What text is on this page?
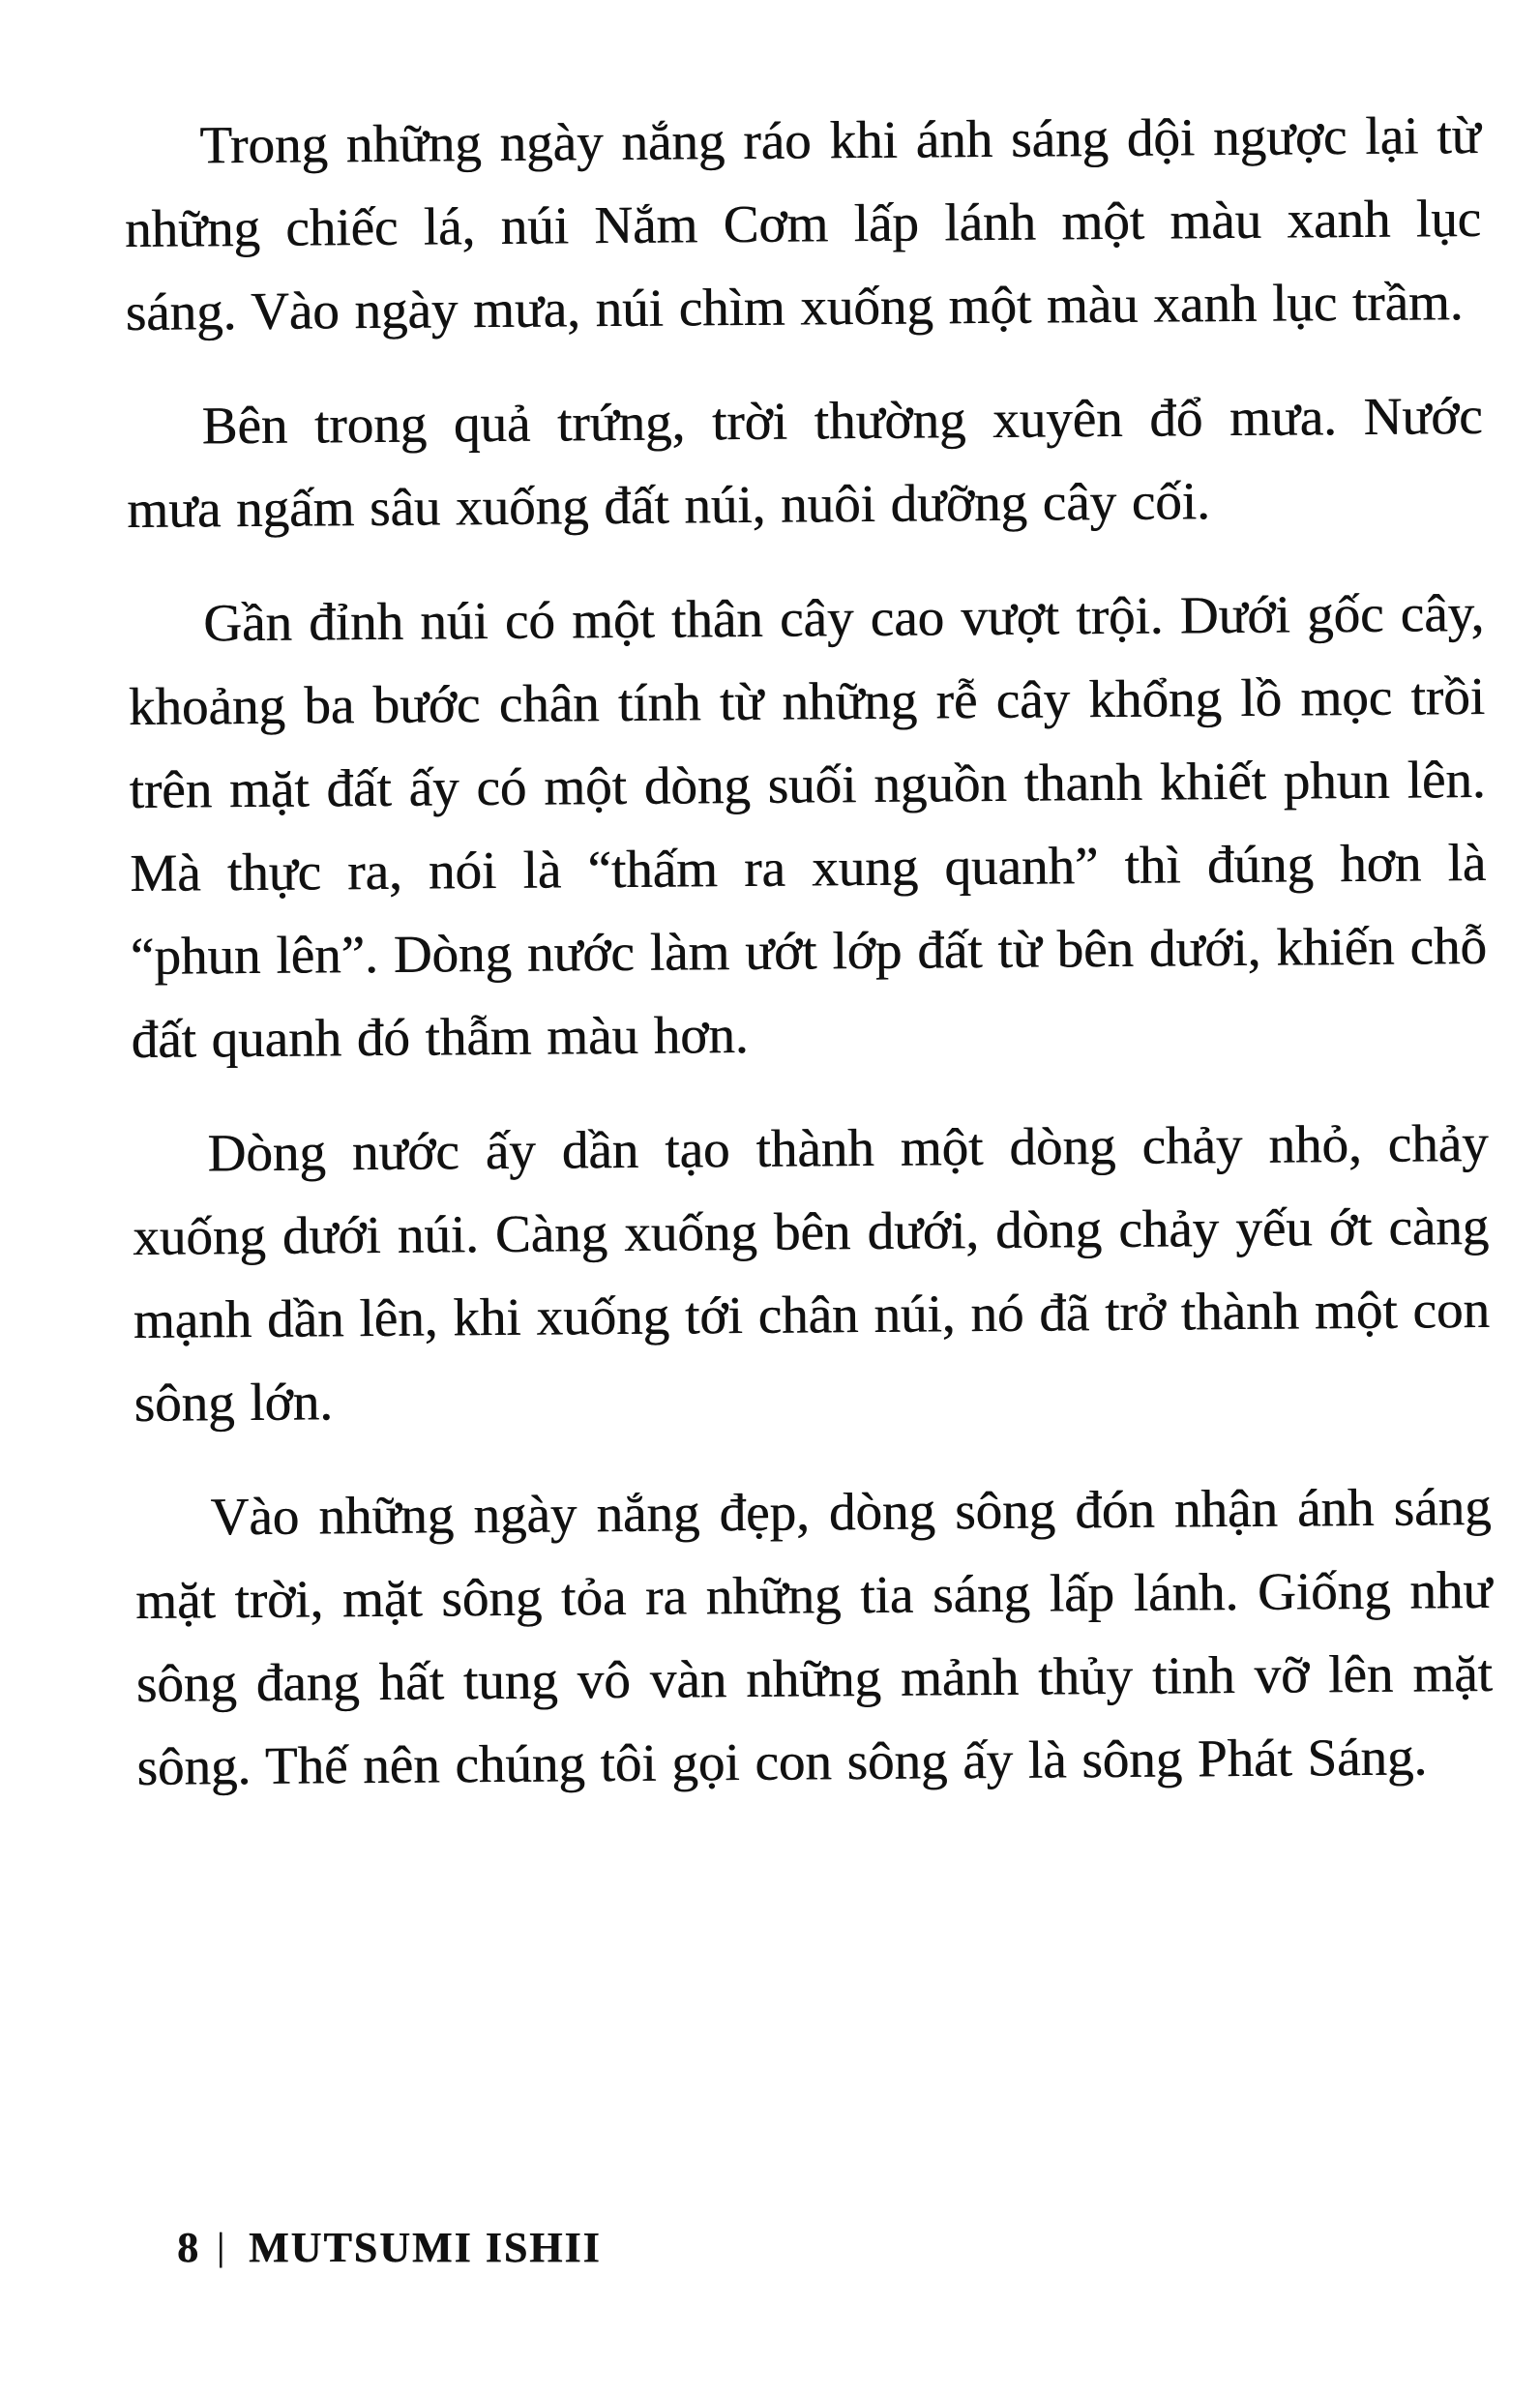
Trong những ngày nắng ráo khi ánh sáng dội ngược lại từ những chiếc lá, núi Nắm Cơm lấp lánh một màu xanh lục sáng. Vào ngày mưa, núi chìm xuống một màu xanh lục trầm.

Bên trong quả trứng, trời thường xuyên đổ mưa. Nước mưa ngấm sâu xuống đất núi, nuôi dưỡng cây cối.

Gần đỉnh núi có một thân cây cao vượt trội. Dưới gốc cây, khoảng ba bước chân tính từ những rễ cây khổng lồ mọc trồi trên mặt đất ấy có một dòng suối nguồn thanh khiết phun lên. Mà thực ra, nói là “thấm ra xung quanh” thì đúng hơn là “phun lên”. Dòng nước làm ướt lớp đất từ bên dưới, khiến chỗ đất quanh đó thẫm màu hơn.

Dòng nước ấy dần tạo thành một dòng chảy nhỏ, chảy xuống dưới núi. Càng xuống bên dưới, dòng chảy yếu ớt càng mạnh dần lên, khi xuống tới chân núi, nó đã trở thành một con sông lớn.

Vào những ngày nắng đẹp, dòng sông đón nhận ánh sáng mặt trời, mặt sông tỏa ra những tia sáng lấp lánh. Giống như sông đang hất tung vô vàn những mảnh thủy tinh vỡ lên mặt sông. Thế nên chúng tôi gọi con sông ấy là sông Phát Sáng.

8 | MUTSUMI ISHII
